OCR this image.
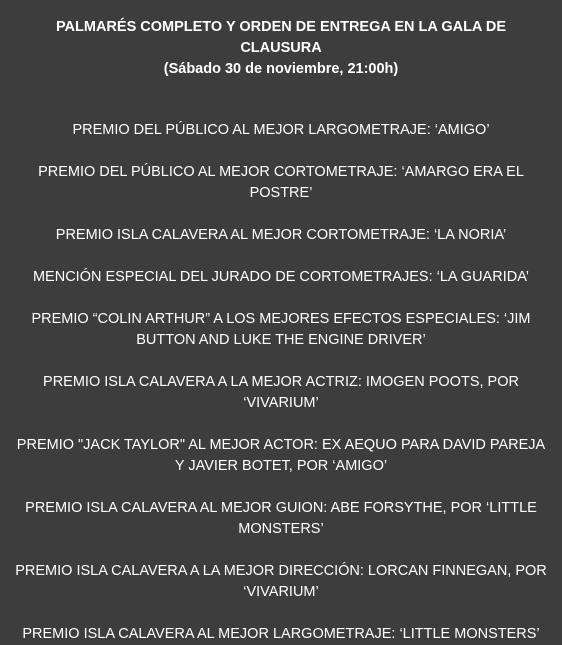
PALMARÉS COMPLETO Y ORDEN DE ENTREGA EN LA GALA DE CLAUSURA

(Sábado 30 de noviembre, 21:00h)

PREMIO DEL PÚBLICO AL MEJOR LARGOMETRAJE: ‘AMIGO’
PREMIO DEL PÚBLICO AL MEJOR CORTOMETRAJE: ‘AMARGO ERA EL POSTRE’
PREMIO ISLA CALAVERA AL MEJOR CORTOMETRAJE: ‘LA NORIA’
MENCIÓN ESPECIAL DEL JURADO DE CORTOMETRAJES: ‘LA GUARIDA’
PREMIO “COLIN ARTHUR” A LOS MEJORES EFECTOS ESPECIALES: ‘JIM BUTTON AND LUKE THE ENGINE DRIVER’
PREMIO ISLA CALAVERA A LA MEJOR ACTRIZ: IMOGEN POOTS, POR ‘VIVARIUM’
PREMIO "JACK TAYLOR" AL MEJOR ACTOR: EX AEQUO PARA DAVID PAREJA Y JAVIER BOTET, POR ‘AMIGO’
PREMIO ISLA CALAVERA AL MEJOR GUION: ABE FORSYTHE, POR ‘LITTLE MONSTERS’
PREMIO ISLA CALAVERA A LA MEJOR DIRECCIÓN: LORCAN FINNEGAN, POR ‘VIVARIUM’
PREMIO ISLA CALAVERA AL MEJOR LARGOMETRAJE: ‘LITTLE MONSTERS’
